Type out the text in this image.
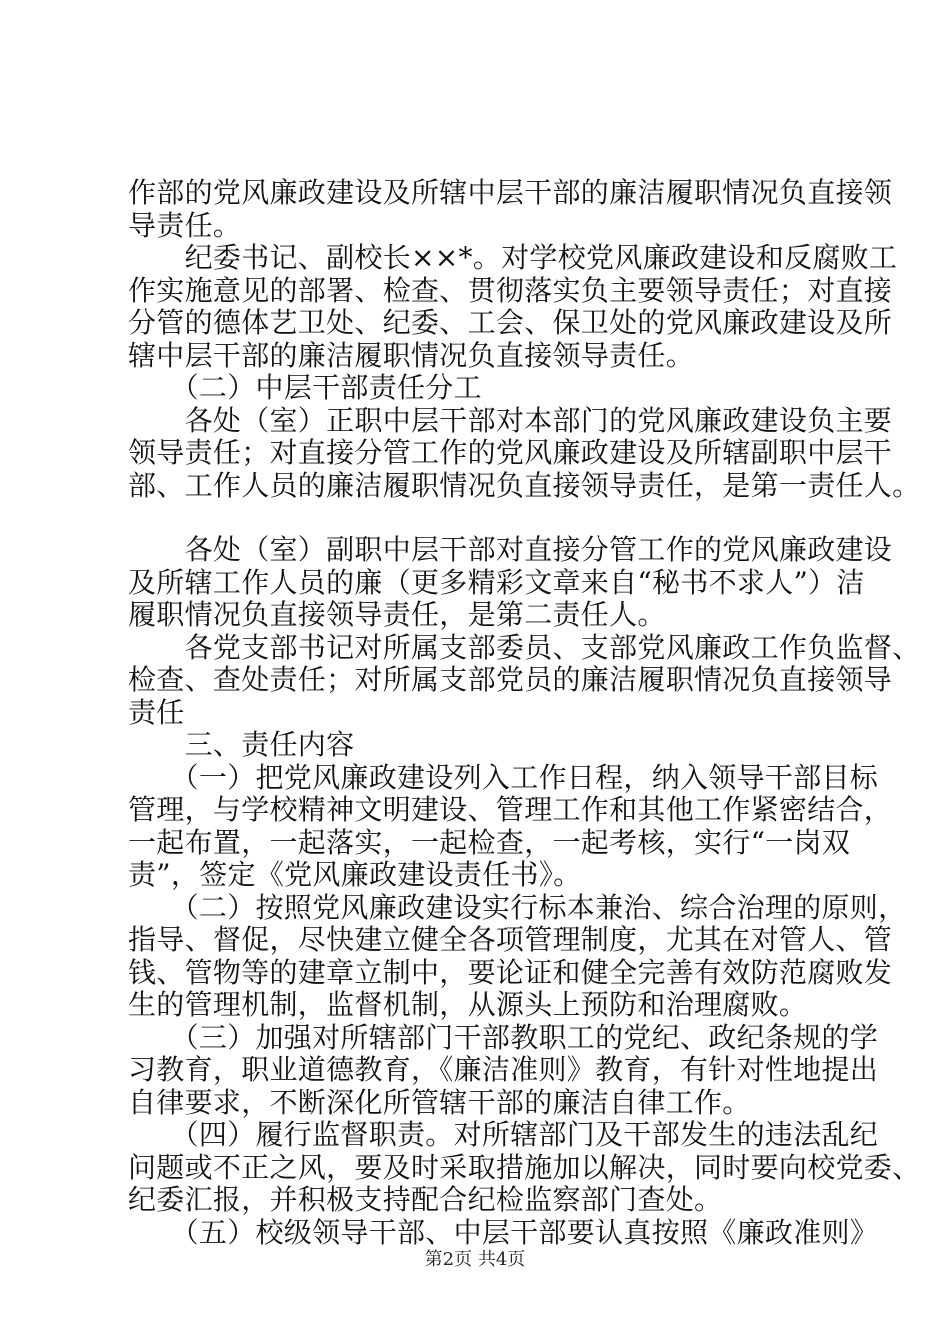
作部的党风廉政建设及所辖中层干部的廉洁履职情况负直接领
导责任。
　　纪委书记、副校长××*。对学校党风廉政建设和反腐败工
作实施意见的部署、检查、贯彻落实负主要领导责任；对直接
分管的德体艺卫处、纪委、工会、保卫处的党风廉政建设及所
辖中层干部的廉洁履职情况负直接领导责任。
　　（二）中层干部责任分工
　　各处（室）正职中层干部对本部门的党风廉政建设负主要
领导责任；对直接分管工作的党风廉政建设及所辖副职中层干
部、工作人员的廉洁履职情况负直接领导责任，是第一责任人。
　　各处（室）副职中层干部对直接分管工作的党风廉政建设
及所辖工作人员的廉（更多精彩文章来自“秘书不求人”）洁
履职情况负直接领导责任，是第二责任人。
　　各党支部书记对所属支部委员、支部党风廉政工作负监督、
检查、查处责任；对所属支部党员的廉洁履职情况负直接领导
责任
　　三、责任内容
　　（一）把党风廉政建设列入工作日程，纳入领导干部目标
管理，与学校精神文明建设、管理工作和其他工作紧密结合，
一起布置，一起落实，一起检查，一起考核，实行“一岗双
责”，签定《党风廉政建设责任书》。
　　（二）按照党风廉政建设实行标本兼治、综合治理的原则，
指导、督促，尽快建立健全各项管理制度，尤其在对管人、管
钱、管物等的建章立制中，要论证和健全完善有效防范腐败发
生的管理机制，监督机制，从源头上预防和治理腐败。
　　（三）加强对所辖部门干部教职工的党纪、政纪条规的学
习教育，职业道德教育，《廉洁准则》教育，有针对性地提出
自律要求，不断深化所管辖干部的廉洁自律工作。
　　（四）履行监督职责。对所辖部门及干部发生的违法乱纪
问题或不正之风，要及时采取措施加以解决，同时要向校党委、
纪委汇报，并积极支持配合纪检监察部门查处。
　　（五）校级领导干部、中层干部要认真按照《廉政准则》
第2页 共4页
